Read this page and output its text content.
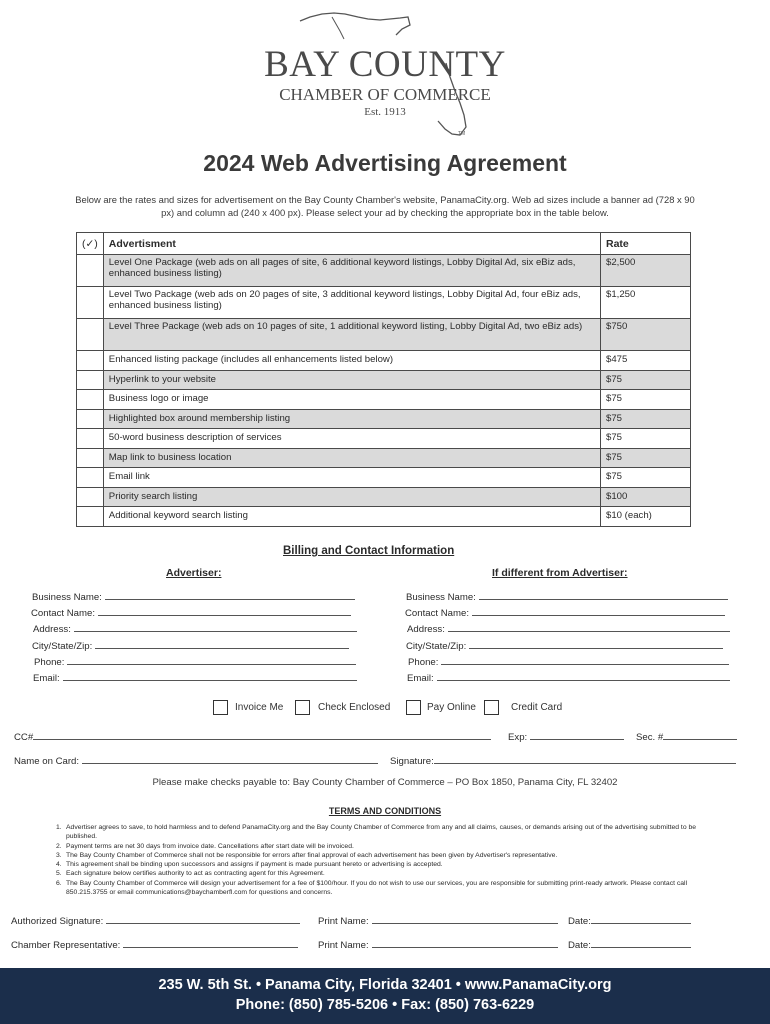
BAY COUNTY
CHAMBER OF COMMERCE
Est. 1913
TM
2024 Web Advertising Agreement
Below are the rates and sizes for advertisement on the Bay County Chamber's website, PanamaCity.org. Web ad sizes include a banner ad (728 x 90 px) and column ad (240 x 400 px). Please select your ad by checking the appropriate box in the table below.
(✓)	Advertisment	Rate
	Level One Package (web ads on all pages of site, 6 additional keyword listings, Lobby Digital Ad, six eBiz ads, enhanced business listing)	$2,500
	Level Two Package (web ads on 20 pages of site, 3 additional keyword listings, Lobby Digital Ad, four eBiz ads, enhanced business listing)	$1,250
	Level Three Package (web ads on 10 pages of site, 1 additional keyword listing, Lobby Digital Ad, two eBiz ads)	$750
	Enhanced listing package (includes all enhancements listed below)	$475
	Hyperlink to your website	$75
	Business logo or image	$75
	Highlighted box around membership listing	$75
	50-word business description of services	$75
	Map link to business location	$75
	Email link	$75
	Priority search listing	$100
	Additional keyword search listing	$10 (each)
Billing and Contact Information
Advertiser:	If different from Advertiser:
Business Name:
Contact Name:
Address:
City/State/Zip:
Phone:
Email:
Business Name:
Contact Name:
Address:
City/State/Zip:
Phone:
Email:
Invoice Me	Check Enclosed	Pay Online	Credit Card
CC#	Exp:	Sec. #
Name on Card:	Signature:
Please make checks payable to: Bay County Chamber of Commerce – PO Box 1850, Panama City, FL 32402
TERMS AND CONDITIONS
1. Advertiser agrees to save, to hold harmless and to defend PanamaCity.org and the Bay County Chamber of Commerce from any and all claims, causes, or demands arising out of the advertising submitted to be published.
2. Payment terms are net 30 days from invoice date. Cancellations after start date will be invoiced.
3. The Bay County Chamber of Commerce shall not be responsible for errors after final approval of each advertisement has been given by Advertiser's representative.
4. This agreement shall be binding upon successors and assigns if payment is made pursuant hereto or advertising is accepted.
5. Each signature below certifies authority to act as contracting agent for this Agreement.
6. The Bay County Chamber of Commerce will design your advertisement for a fee of $100/hour. If you do not wish to use our services, you are responsible for submitting print-ready artwork. Please contact call 850.215.3755 or email communications@baychamberfl.com for questions and concerns.
Authorized Signature:	Print Name:	Date:
Chamber Representative:	Print Name:	Date:
235 W. 5th St. • Panama City, Florida 32401 • www.PanamaCity.org
Phone: (850) 785-5206 • Fax: (850) 763-6229
